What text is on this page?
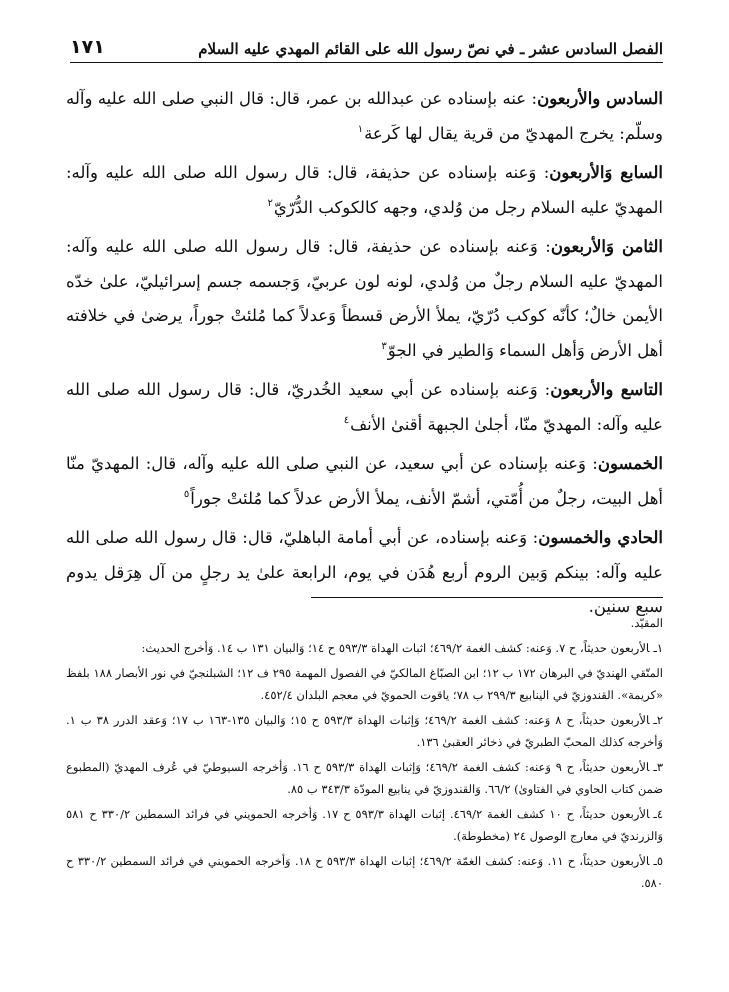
الفصل السادس عشر ـ في نصّ رسول الله على القائم المهدي عليه السلام
١٧١

السادس والأربعون: عنه بإسناده عن عبدالله بن عمر، قال: قال النبي صلى الله عليه وآله وسلّم: يخرج المهديّ من قرية يقال لها كَرعة$^١$

السابع وَالأربعون: وَعنه بإسناده عن حذيفة، قال: قال رسول الله صلى الله عليه وآله: المهديّ عليه السلام رجل من وُلدي، وجهه كالكوكب الدُّرّيّ$^٢$

الثامن وَالأربعون: وَعنه بإسناده عن حذيفة، قال: قال رسول الله صلى الله عليه وآله: المهديّ عليه السلام رجلٌ من وُلدي، لونه لون عربيّ، وَجسمه جسم إسرائيليّ، علىٰ خدّه الأيمن خالٌ؛ كأنّه كوكب دُرّيّ، يملأ الأرض قسطاً وَعدلاً كما مُلئتْ جوراً، يرضىٰ في خلافته أهل الأرض وَأهل السماء وَالطير في الجوّ$^٣$

التاسع والأربعون: وَعنه بإسناده عن أبي سعيد الخُدريّ، قال: قال رسول الله صلى الله عليه وآله: المهديّ منّا، أجلىٰ الجبهة أقنىٰ الأنف$^٤$

الخمسون: وَعنه بإسناده عن أبي سعيد، عن النبي صلى الله عليه وآله، قال: المهديّ منّا أهل البيت، رجلٌ من أُمّتي، أشمّ الأنف، يملأ الأرض عدلاً كما مُلئتْ جوراً$^٥$

الحادي والخمسون: وَعنه بإسناده، عن أبي أمامة الباهليّ، قال: قال رسول الله صلى الله عليه وآله: بينكم وَبين الروم أربع هُدَن في يوم، الرابعة علىٰ يد رجلٍ من آل هِرَقل يدوم سبع سنين.

المقيّد.

١ـالأربعون حديثاً، ح ٧. وَعنه: كشف الغمة ٤٦٩/٢؛ اثبات الهداة ٥٩٣/٣ ح ١٤؛ وَالبيان ١٣١ ب ١٤. وَأخرج الحديث:

المتّقي الهنديّ في البرهان ١٧٢ ب ١٢؛ ابن الصبّاغ المالكيّ في الفصول المهمة ٢٩٥ ف ١٢؛ الشبلنجيّ في نور الأبصار ١٨٨ بلفظ «كريمة». القندوزيّ في الينابيع ٢٩٩/٣ ب ٧٨؛ ياقوت الحمويّ في معجم البلدان ٤٥٢/٤.

٢ـالأربعون حديثاً، ح ٨ وَعنه: كشف الغمة ٤٦٩/٢؛ وَإثبات الهداة ٥٩٣/٣ ح ١٥؛ وَالبيان ١٣٥-١٦٣ ب ١٧؛ وَعقد الدرر ٣٨ ب ١. وَأخرجه كذلك المحبّ الطبريّ في ذخائر العقبىٰ ١٣٦.

٣ـالأربعون حديثاً، ح ٩ وَعنه: كشف الغمة ٤٦٩/٢؛ وَإثبات الهداة ٥٩٣/٣ ح ١٦. وَأخرجه السيوطيّ في عُرف المهديّ (المطبوع ضمن كتاب الحاوي في الفتاوىٰ) ٦٦/٢. وَالقندوزيّ في ينابيع المودّة ٣٤٣/٣ ب ٨٥.

٤ـالأربعون حديثاً، ح ١٠ كشف الغمة ٤٦٩/٢. إثبات الهداة ٥٩٣/٣ ح ١٧. وَأخرجه الحمويني في فرائد السمطين ٣٣٠/٢ ح ٥٨١ وَالزرنديّ في معارج الوصول ٢٤ (مخطوطة).

٥ـالأربعون حديثاً، ح ١١. وَعنه: كشف الغمّة ٤٦٩/٢؛ إثبات الهداة ٥٩٣/٣ ح ١٨. وَأخرجه الحمويني في فرائد السمطين ٣٣٠/٢ ح ٥٨٠.
